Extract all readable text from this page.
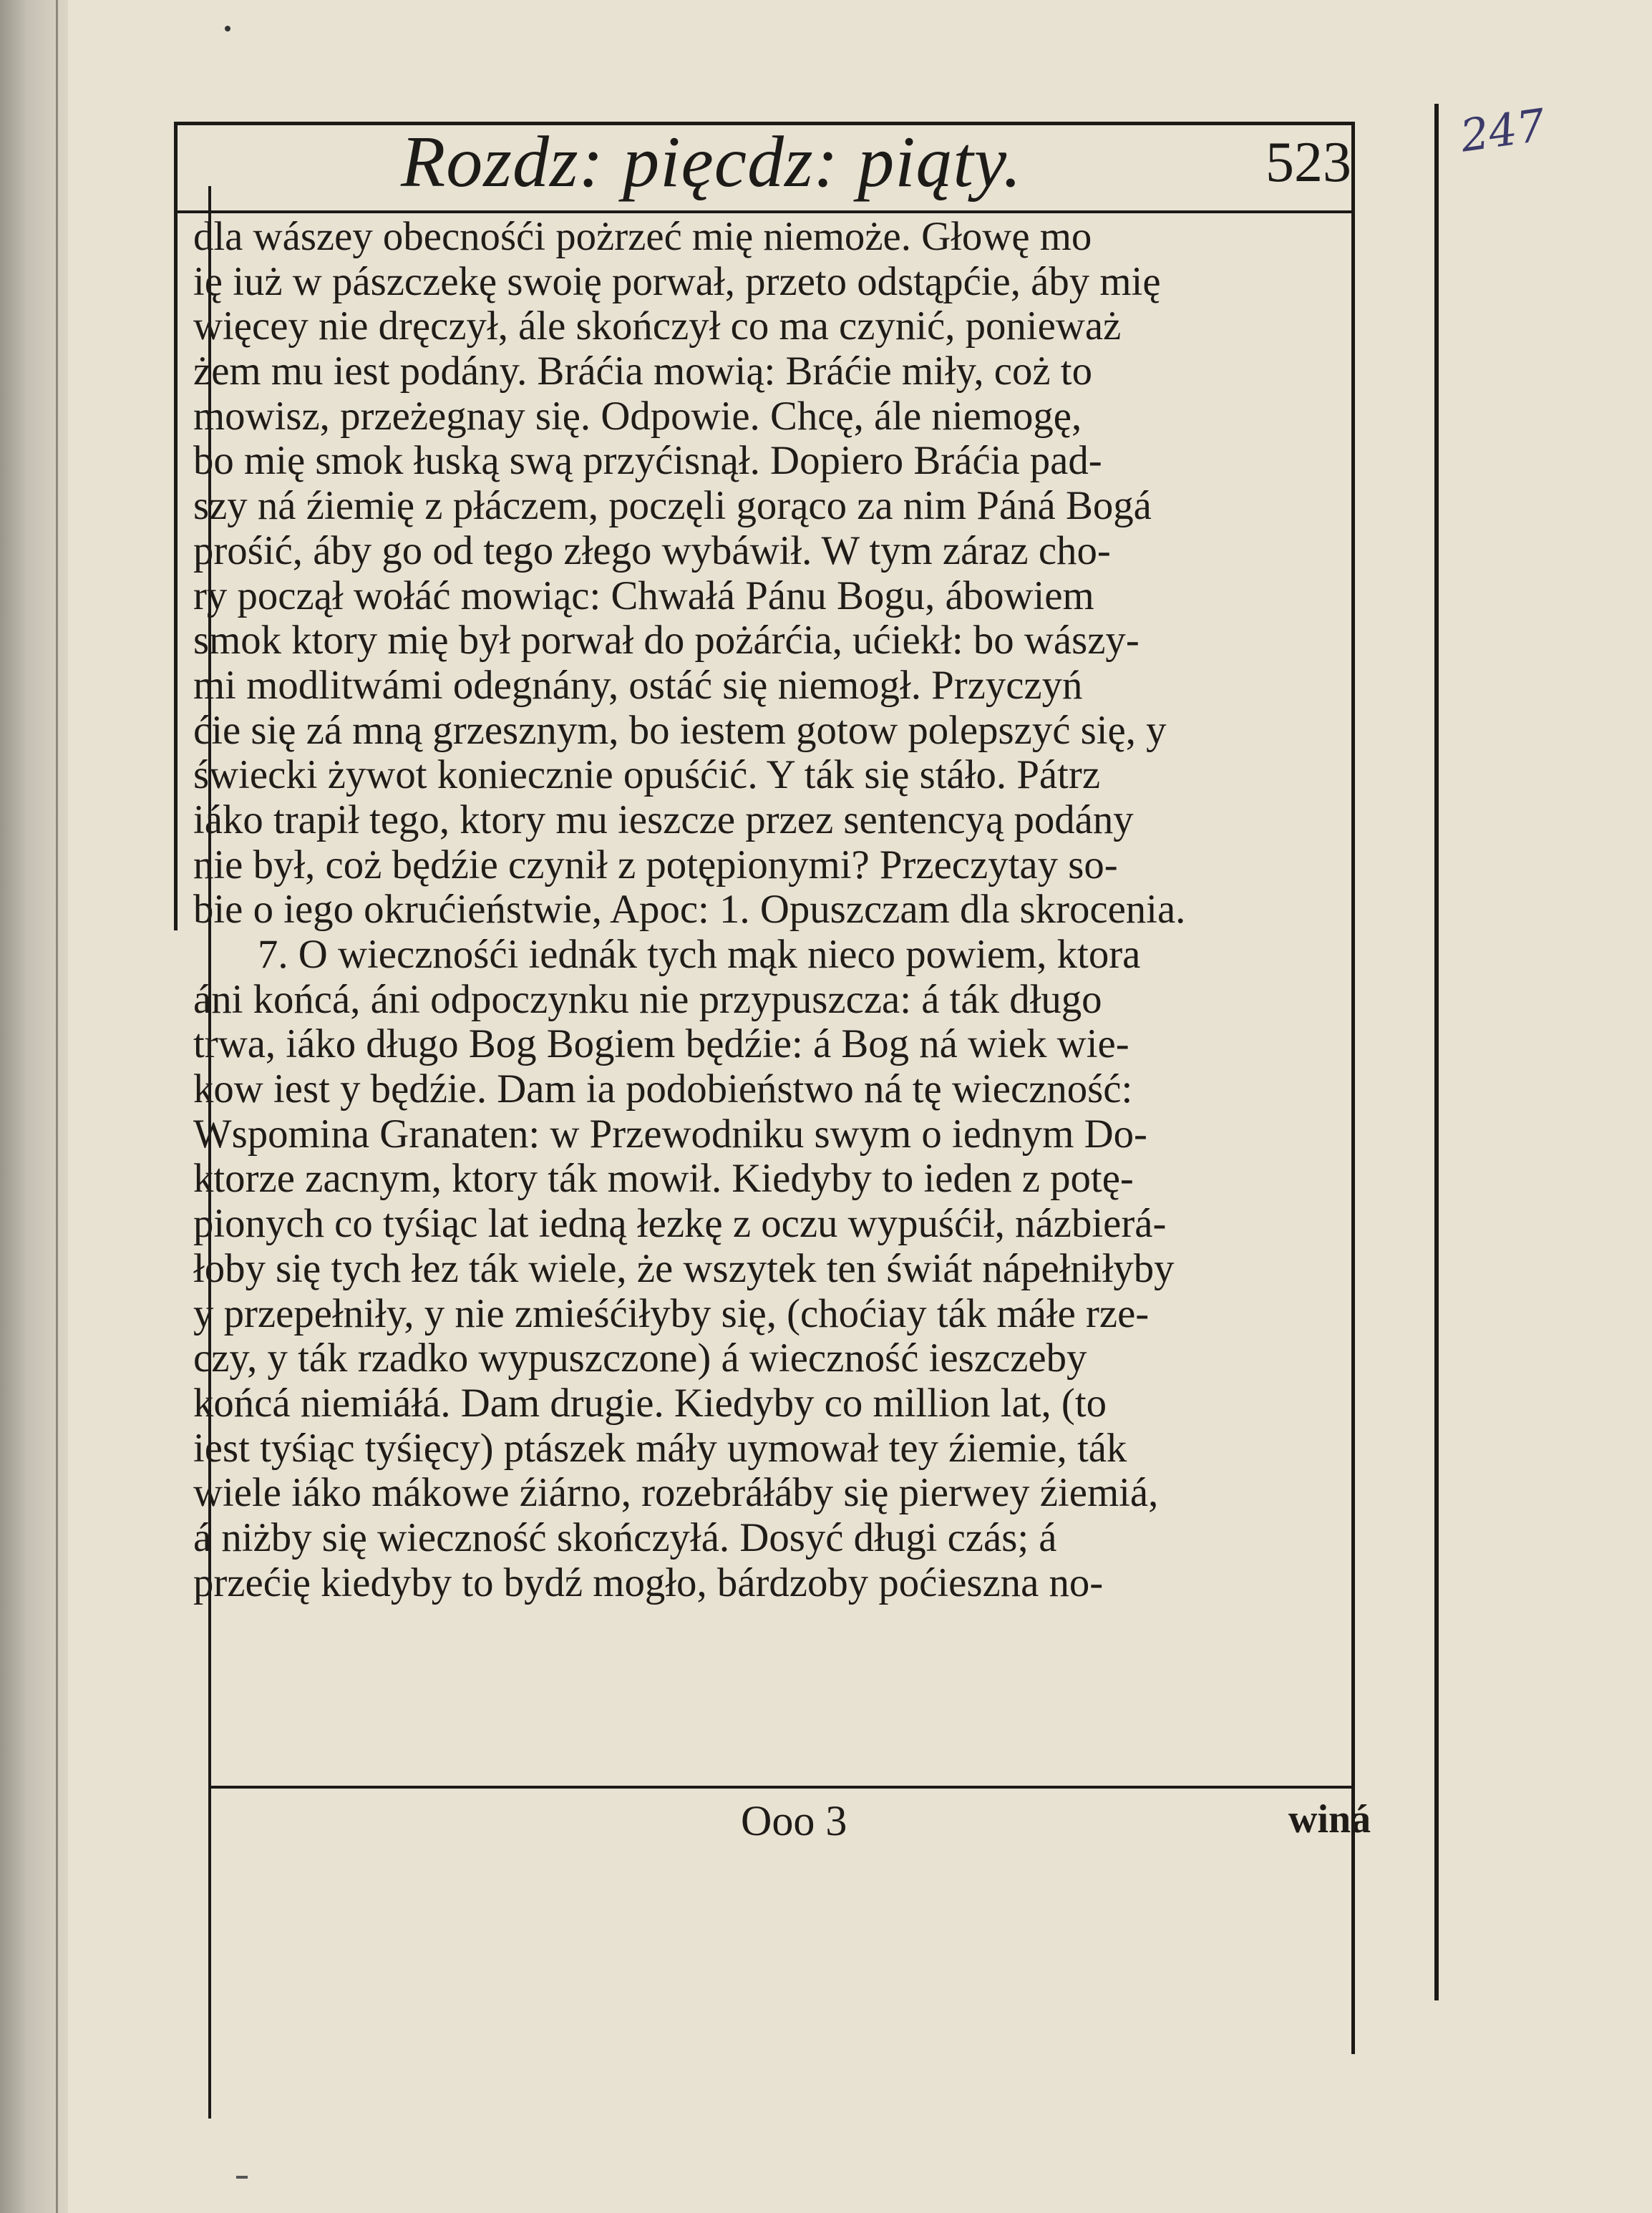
247
Rozdz: pięcdz: piąty.	523
dla wászey obecnośći pożrzeć mię niemoże. Głowę mo
ię iuż w pászczekę swoię porwał, przeto odstąpćie, áby mię
więcey nie dręczył, ále skończył co ma czynić, ponieważ
żem mu iest podány. Bráćia mowią: Bráćie miły, coż to
mowisz, przeżegnay się. Odpowie. Chcę, ále niemogę,
bo mię smok łuską swą przyćisnął. Dopiero Bráćia pad-
szy ná źiemię z płáczem, poczęli gorąco za nim Páná Bogá
prośić, áby go od tego złego wybáwił. W tym záraz cho-
ry począł wołáć mowiąc: Chwałá Pánu Bogu, ábowiem
smok ktory mię był porwał do pożárćia, ućiekł: bo wászy-
mi modlitwámi odegnány, ostáć się niemogł. Przyczyń
ćie się zá mną grzesznym, bo iestem gotow polepszyć się, y
świecki żywot koniecznie opuśćić. Y ták się stáło. Pátrz
iáko trapił tego, ktory mu ieszcze przez sentencyą podány
nie był, coż będźie czynił z potępionymi? Przeczytay so-
bie o iego okrućieństwie, Apoc: 1. Opuszczam dla skrocenia.
7. O wiecznośći iednák tych mąk nieco powiem, ktora
áni końcá, áni odpoczynku nie przypuszcza: á ták długo
trwa, iáko długo Bog Bogiem będźie: á Bog ná wiek wie-
kow iest y będźie. Dam ia podobieństwo ná tę wieczność:
Wspomina Granaten: w Przewodniku swym o iednym Do-
ktorze zacnym, ktory ták mowił. Kiedyby to ieden z potę-
pionych co tyśiąc lat iedną łezkę z oczu wypuśćił, názbierá-
łoby się tych łez ták wiele, że wszytek ten świát nápełniłyby
y przepełniły, y nie zmieśćiłyby się, (choćiay ták máłe rze-
czy, y ták rzadko wypuszczone) á wieczność ieszczeby
końcá niemiáłá. Dam drugie. Kiedyby co million lat, (to
iest tyśiąc tyśięcy) ptászek máły uymował tey źiemie, ták
wiele iáko mákowe źiárno, rozebráłáby się pierwey źiemiá,
á niżby się wieczność skończyłá. Dosyć długi czás; á
przećię kiedyby to bydź mogło, bárdzoby poćieszna no-
Ooo 3	winá
